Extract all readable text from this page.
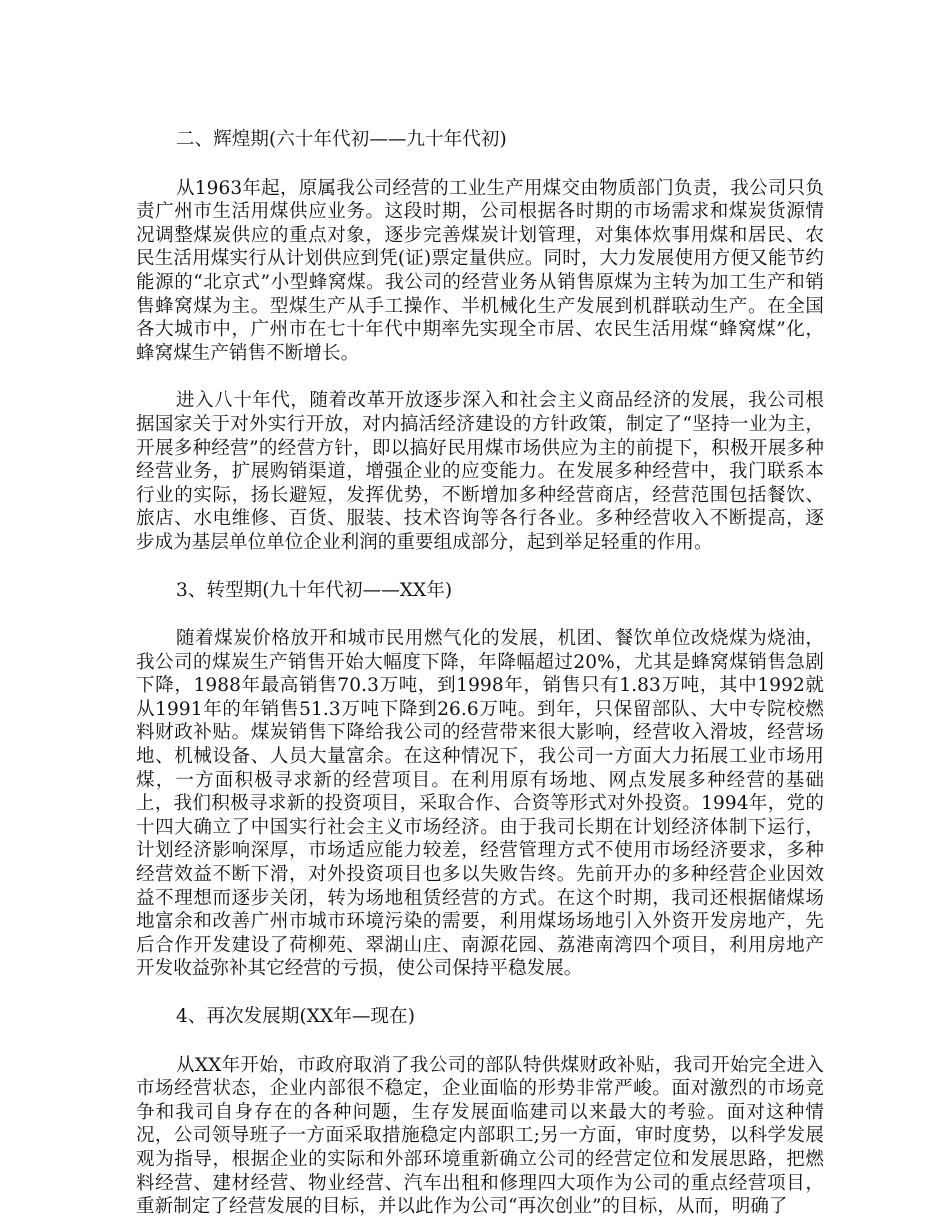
二、辉煌期(六十年代初——九十年代初)

从1963年起，原属我公司经营的工业生产用煤交由物质部门负责，我公司只负责广州市生活用煤供应业务。这段时期，公司根据各时期的市场需求和煤炭货源情况调整煤炭供应的重点对象，逐步完善煤炭计划管理，对集体炊事用煤和居民、农民生活用煤实行从计划供应到凭(证)票定量供应。同时，大力发展使用方便又能节约能源的“北京式”小型蜂窝煤。我公司的经营业务从销售原煤为主转为加工生产和销售蜂窝煤为主。型煤生产从手工操作、半机械化生产发展到机群联动生产。在全国各大城市中，广州市在七十年代中期率先实现全市居、农民生活用煤“蜂窝煤”化，蜂窝煤生产销售不断增长。

进入八十年代，随着改革开放逐步深入和社会主义商品经济的发展，我公司根据国家关于对外实行开放，对内搞活经济建设的方针政策，制定了“坚持一业为主，开展多种经营”的经营方针，即以搞好民用煤市场供应为主的前提下，积极开展多种经营业务，扩展购销渠道，增强企业的应变能力。在发展多种经营中，我门联系本行业的实际，扬长避短，发挥优势，不断增加多种经营商店，经营范围包括餐饮、旅店、水电维修、百货、服装、技术咨询等各行各业。多种经营收入不断提高，逐步成为基层单位单位企业利润的重要组成部分，起到举足轻重的作用。

3、转型期(九十年代初——XX年)

随着煤炭价格放开和城市民用燃气化的发展，机团、餐饮单位改烧煤为烧油，我公司的煤炭生产销售开始大幅度下降，年降幅超过20%，尤其是蜂窝煤销售急剧下降，1988年最高销售70.3万吨，到1998年，销售只有1.83万吨，其中1992就从1991年的年销售51.3万吨下降到26.6万吨。到年，只保留部队、大中专院校燃料财政补贴。煤炭销售下降给我公司的经营带来很大影响，经营收入滑坡，经营场地、机械设备、人员大量富余。在这种情况下，我公司一方面大力拓展工业市场用煤，一方面积极寻求新的经营项目。在利用原有场地、网点发展多种经营的基础上，我们积极寻求新的投资项目，采取合作、合资等形式对外投资。1994年，党的十四大确立了中国实行社会主义市场经济。由于我司长期在计划经济体制下运行，计划经济影响深厚，市场适应能力较差，经营管理方式不使用市场经济要求，多种经营效益不断下滑，对外投资项目也多以失败告终。先前开办的多种经营企业因效益不理想而逐步关闭，转为场地租赁经营的方式。在这个时期，我司还根据储煤场地富余和改善广州市城市环境污染的需要，利用煤场场地引入外资开发房地产，先后合作开发建设了荷柳苑、翠湖山庄、南源花园、荔港南湾四个项目，利用房地产开发收益弥补其它经营的亏损，使公司保持平稳发展。

4、再次发展期(XX年—现在)

从XX年开始，市政府取消了我公司的部队特供煤财政补贴，我司开始完全进入市场经营状态，企业内部很不稳定，企业面临的形势非常严峻。面对激烈的市场竞争和我司自身存在的各种问题，生存发展面临建司以来最大的考验。面对这种情况，公司领导班子一方面采取措施稳定内部职工;另一方面，审时度势，以科学发展观为指导，根据企业的实际和外部环境重新确立公司的经营定位和发展思路，把燃料经营、建材经营、物业经营、汽车出租和修理四大项作为公司的重点经营项目，重新制定了经营发展的目标，并以此作为公司“再次创业”的目标，从而，明确了
